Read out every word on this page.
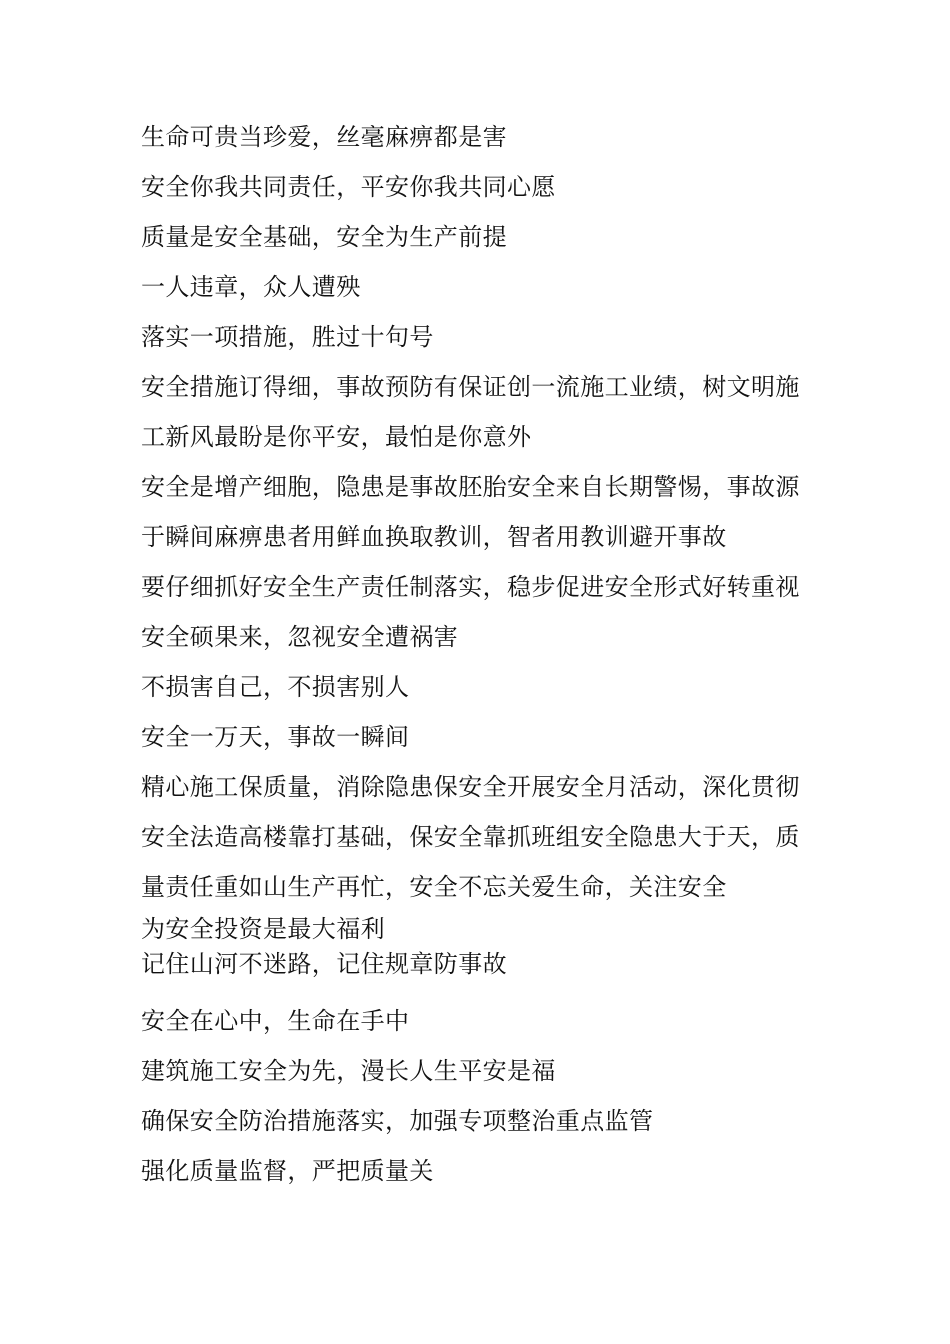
生命可贵当珍爱，丝毫麻痹都是害
安全你我共同责任，平安你我共同心愿
质量是安全基础，安全为生产前提
一人违章，众人遭殃
落实一项措施，胜过十句号
安全措施订得细，事故预防有保证创一流施工业绩，树文明施
工新风最盼是你平安，最怕是你意外
安全是增产细胞，隐患是事故胚胎安全来自长期警惕，事故源
于瞬间麻痹患者用鲜血换取教训，智者用教训避开事故
要仔细抓好安全生产责任制落实，稳步促进安全形式好转重视
安全硕果来，忽视安全遭祸害
不损害自己，不损害别人
安全一万天，事故一瞬间
精心施工保质量，消除隐患保安全开展安全月活动，深化贯彻
安全法造高楼靠打基础，保安全靠抓班组安全隐患大于天，质
量责任重如山生产再忙，安全不忘关爱生命，关注安全
为安全投资是最大福利
记住山河不迷路，记住规章防事故
安全在心中，生命在手中
建筑施工安全为先，漫长人生平安是福
确保安全防治措施落实，加强专项整治重点监管
强化质量监督，严把质量关
